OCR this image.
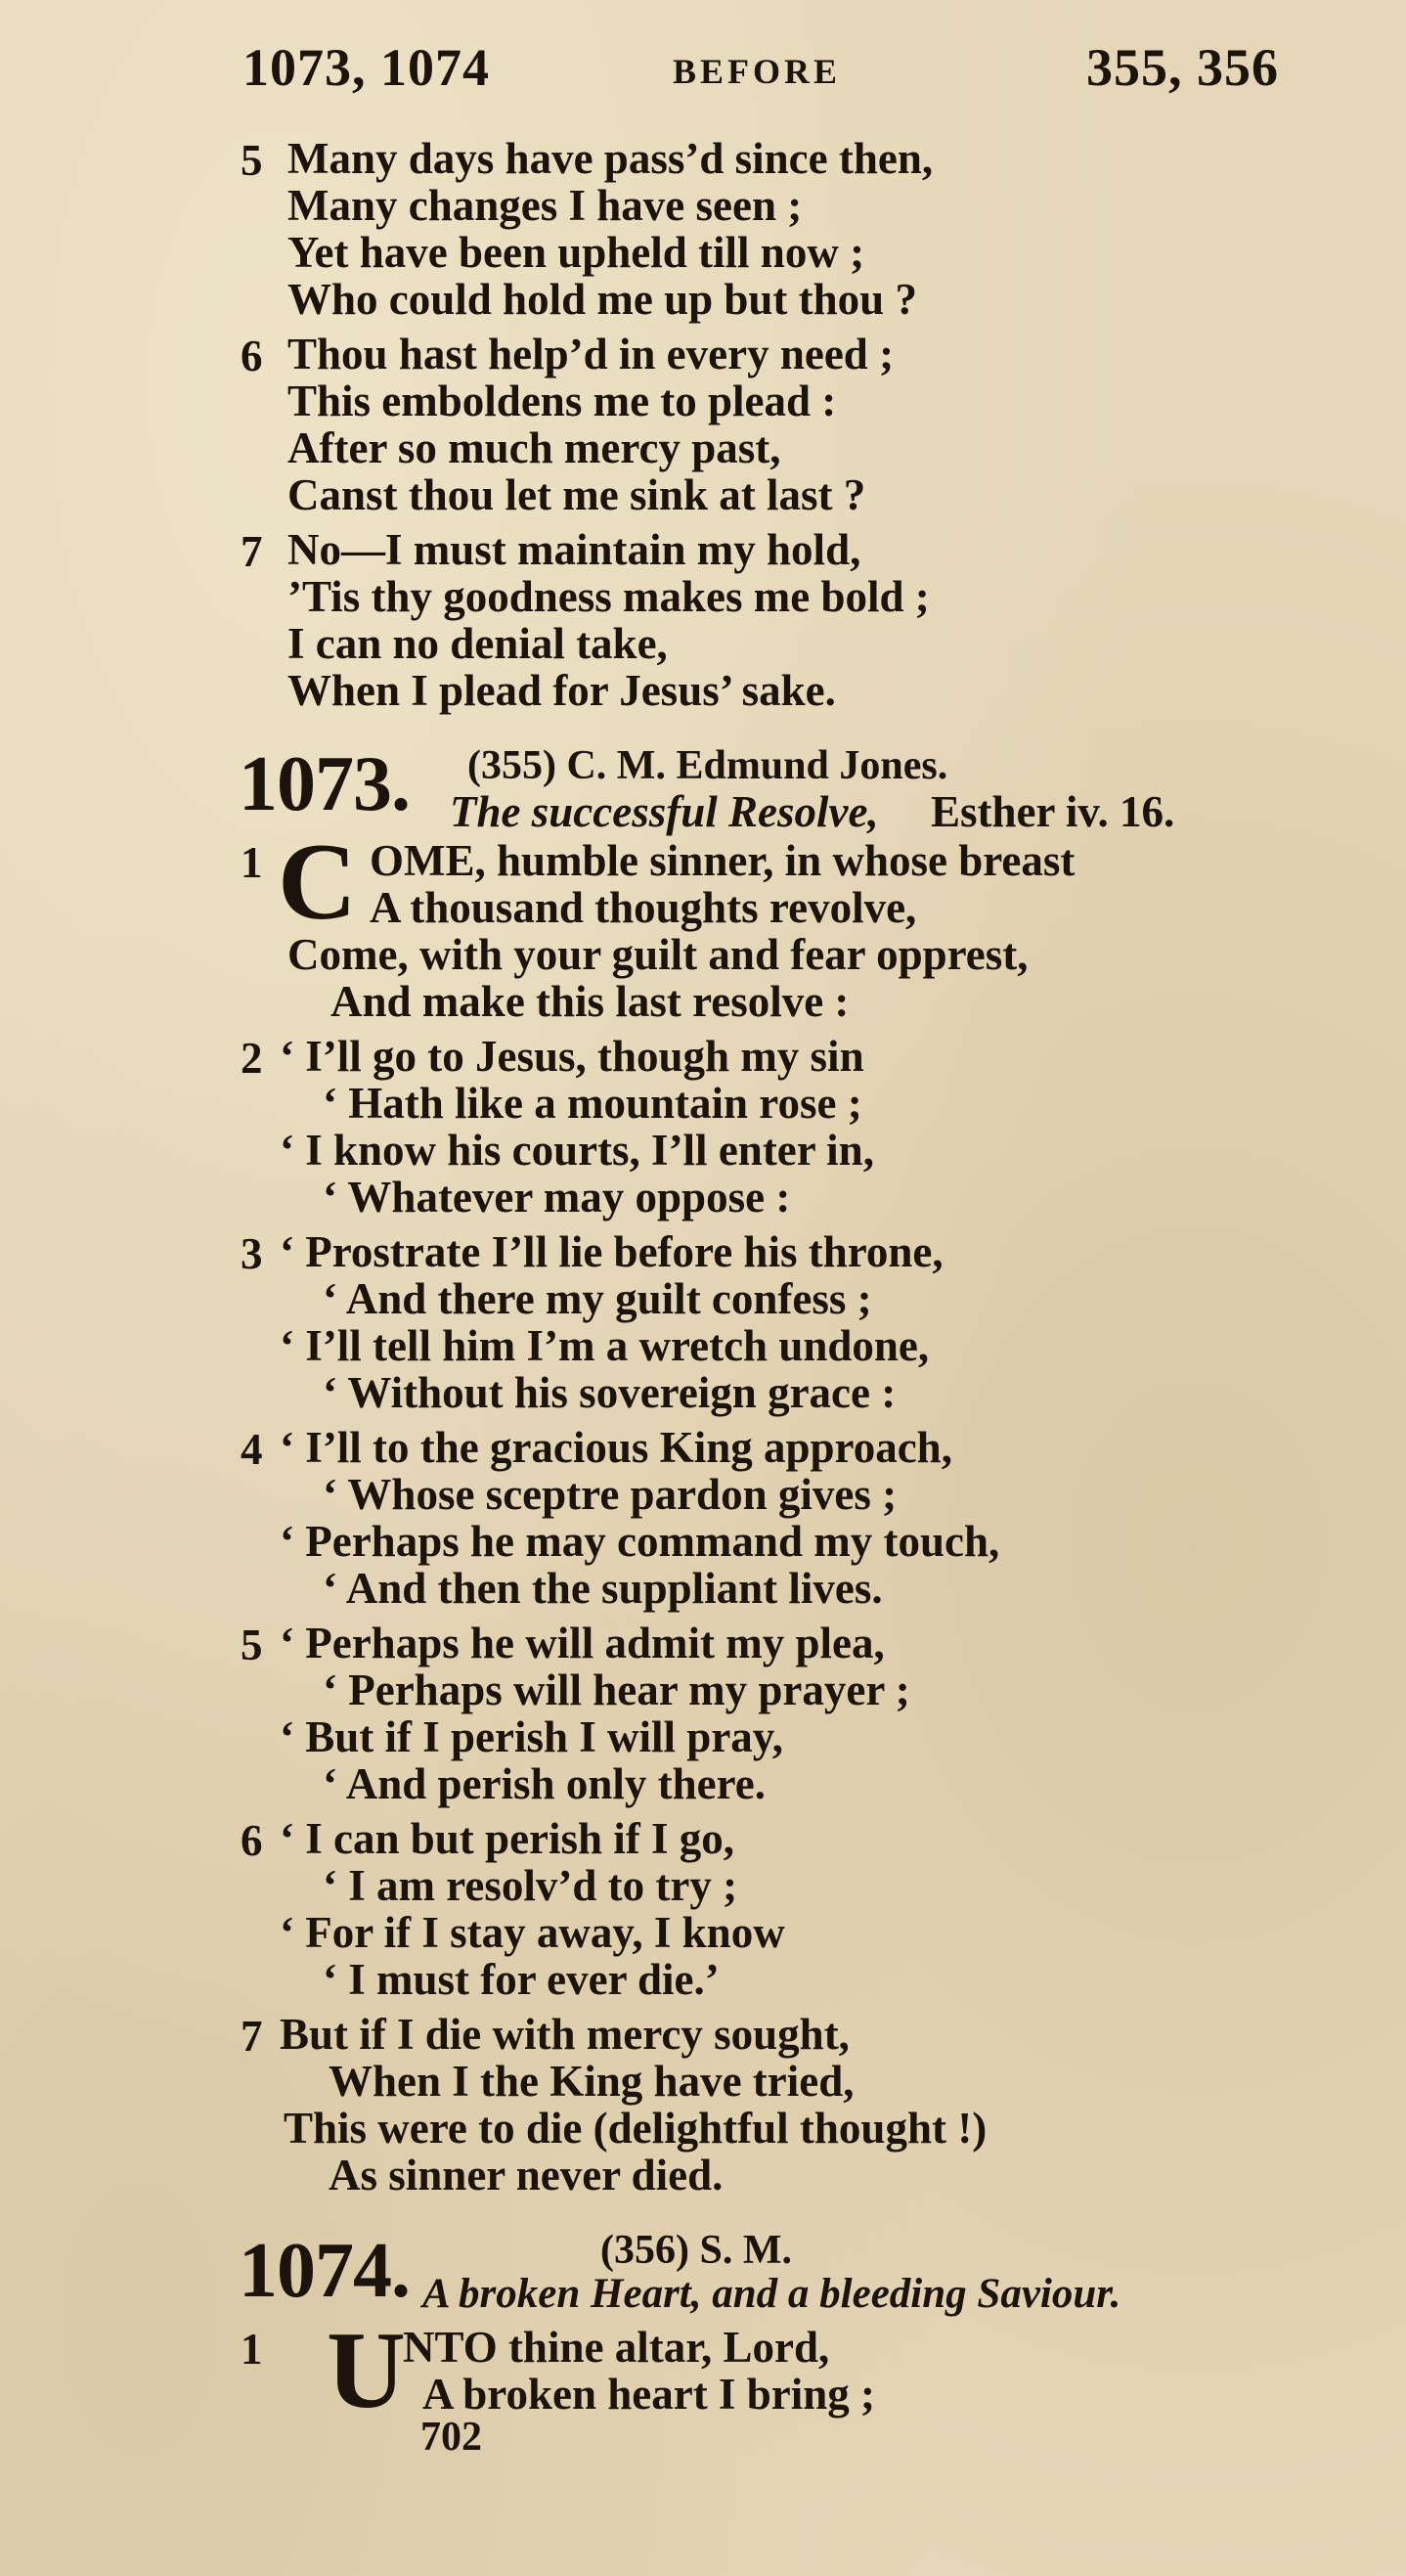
1073, 1074	BEFORE	355, 356
5 Many days have pass’d since then,
Many changes I have seen ;
Yet have been upheld till now ;
Who could hold me up but thou ?
6 Thou hast help’d in every need ;
This emboldens me to plead :
After so much mercy past,
Canst thou let me sink at last ?
7 No—I must maintain my hold,
’Tis thy goodness makes me bold ;
I can no denial take,
When I plead for Jesus’ sake.
1073. (355) C. M. Edmund Jones.
The successful Resolve, Esther iv. 16.
1 C OME, humble sinner, in whose breast
A thousand thoughts revolve,
Come, with your guilt and fear opprest,
And make this last resolve :
2 ‘ I’ll go to Jesus, though my sin
‘ Hath like a mountain rose ;
‘ I know his courts, I’ll enter in,
‘ Whatever may oppose :
3 ‘ Prostrate I’ll lie before his throne,
‘ And there my guilt confess ;
‘ I’ll tell him I’m a wretch undone,
‘ Without his sovereign grace :
4 ‘ I’ll to the gracious King approach,
‘ Whose sceptre pardon gives ;
‘ Perhaps he may command my touch,
‘ And then the suppliant lives.
5 ‘ Perhaps he will admit my plea,
‘ Perhaps will hear my prayer ;
‘ But if I perish I will pray,
‘ And perish only there.
6 ‘ I can but perish if I go,
‘ I am resolv’d to try ;
‘ For if I stay away, I know
‘ I must for ever die.’
7 But if I die with mercy sought,
When I the King have tried,
This were to die (delightful thought !)
As sinner never died.
1074.	(356) S. M.
A broken Heart, and a bleeding Saviour.
1 U
NTO thine altar, Lord,
A broken heart I bring ;
702
